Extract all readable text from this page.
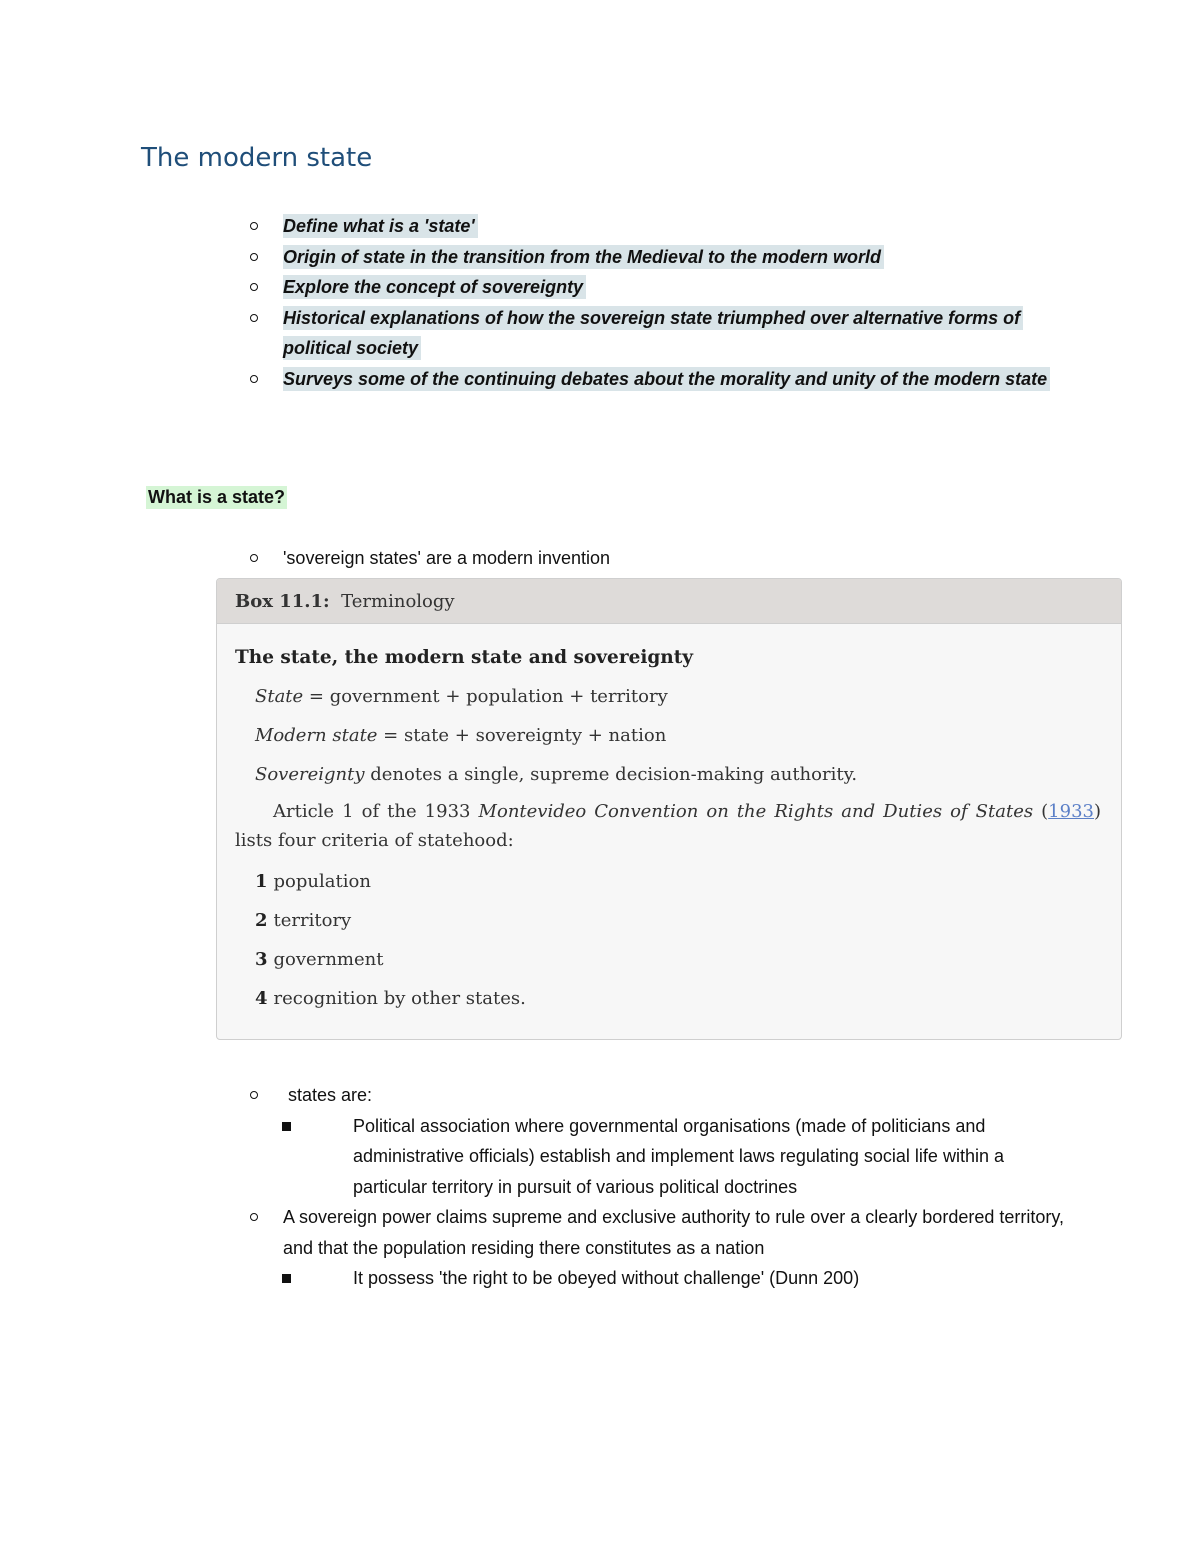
The modern state
Define what is a 'state'
Origin of state in the transition from the Medieval to the modern world
Explore the concept of sovereignty
Historical explanations of how the sovereign state triumphed over alternative forms of political society
Surveys some of the continuing debates about the morality and unity of the modern state
What is a state?
'sovereign states' are a modern invention
Box 11.1: Terminology
The state, the modern state and sovereignty
State = government + population + territory
Modern state = state + sovereignty + nation
Sovereignty denotes a single, supreme decision-making authority.
Article 1 of the 1933 Montevideo Convention on the Rights and Duties of States (1933) lists four criteria of statehood:
1 population
2 territory
3 government
4 recognition by other states.
states are:
Political association where governmental organisations (made of politicians and administrative officials) establish and implement laws regulating social life within a particular territory in pursuit of various political doctrines
A sovereign power claims supreme and exclusive authority to rule over a clearly bordered territory, and that the population residing there constitutes as a nation
It possess 'the right to be obeyed without challenge' (Dunn 200)
